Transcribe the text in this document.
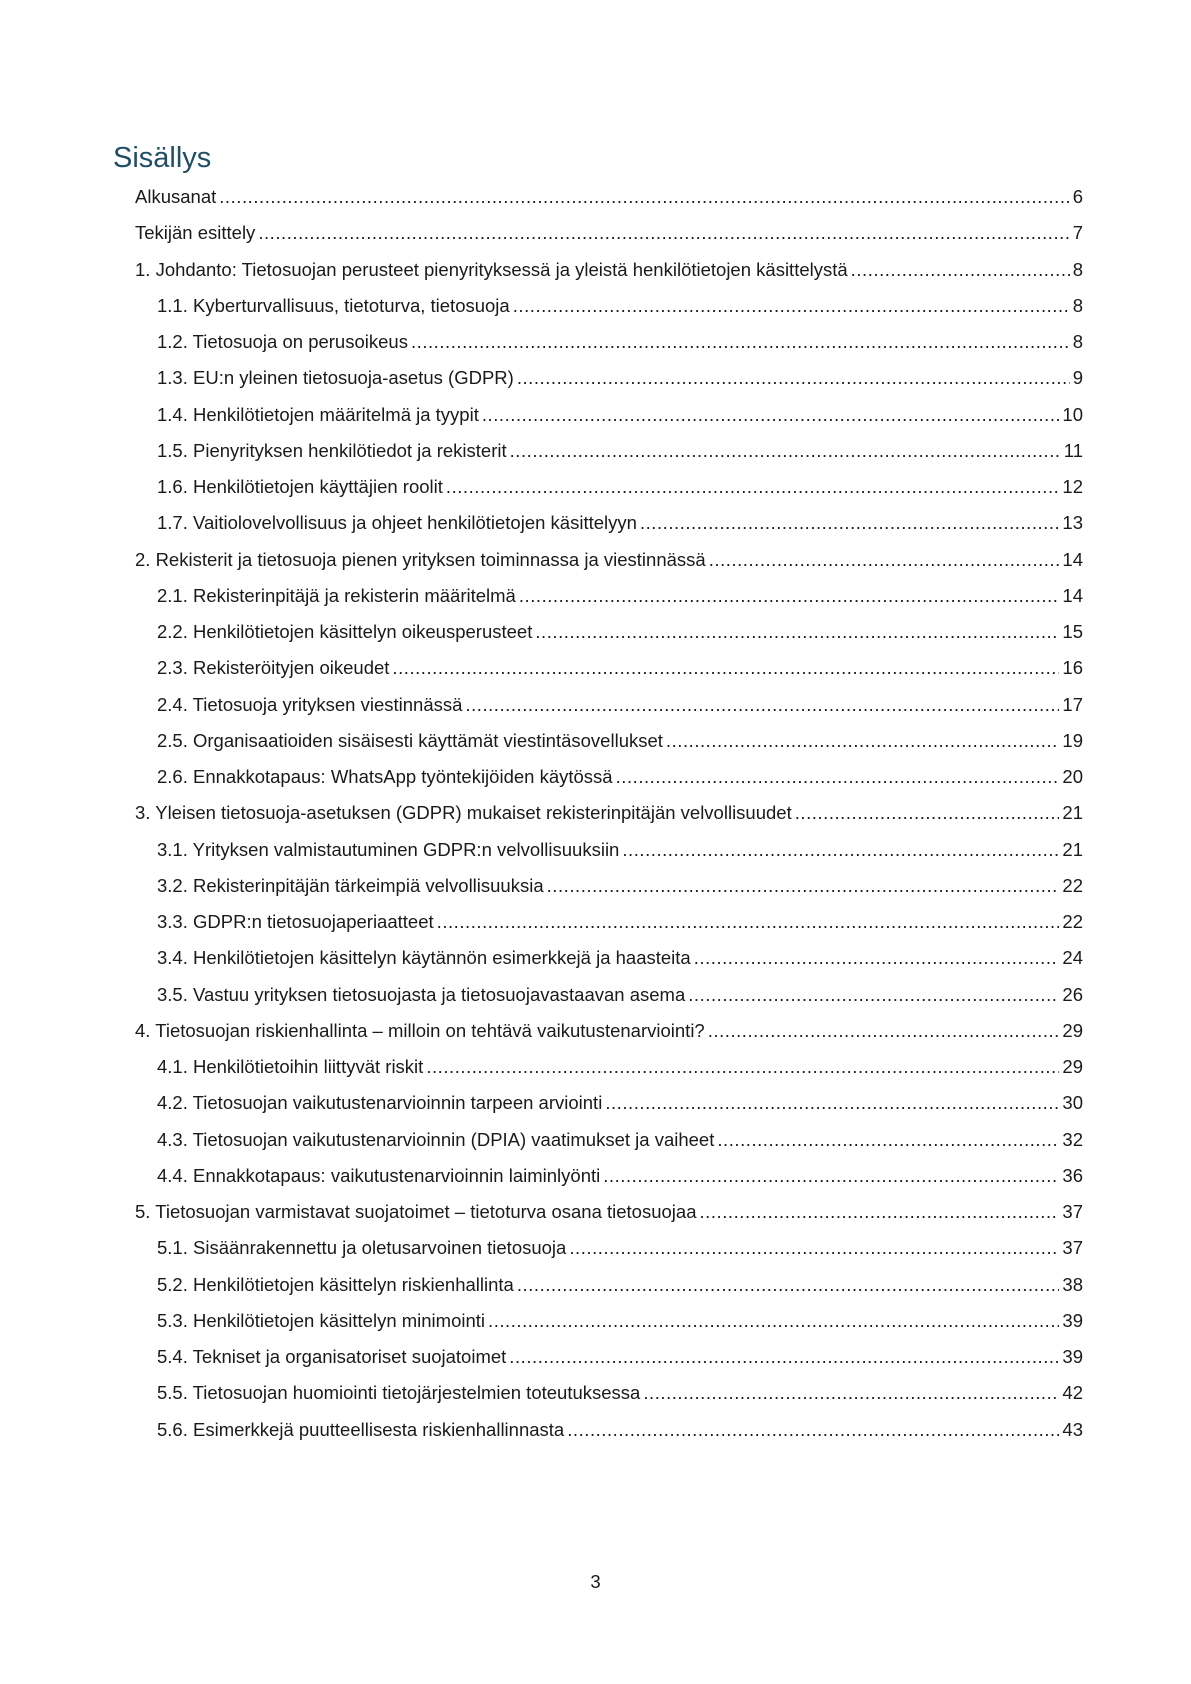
Sisällys
Alkusanat . . .	6
Tekijän esittely . . .	7
1. Johdanto: Tietosuojan perusteet pienyrityksessä ja yleistä henkilötietojen käsittelystä . . .	8
1.1. Kyberturvallisuus, tietoturva, tietosuoja . . .	8
1.2. Tietosuoja on perusoikeus . . .	8
1.3. EU:n yleinen tietosuoja-asetus (GDPR) . . .	9
1.4. Henkilötietojen määritelmä ja tyypit . . .	10
1.5. Pienyrityksen henkilötiedot ja rekisterit . . .	11
1.6. Henkilötietojen käyttäjien roolit . . .	12
1.7. Vaitiolovelvollisuus ja ohjeet henkilötietojen käsittelyyn . . .	13
2. Rekisterit ja tietosuoja pienen yrityksen toiminnassa ja viestinnässä . . .	14
2.1. Rekisterinpitäjä ja rekisterin määritelmä . . .	14
2.2. Henkilötietojen käsittelyn oikeusperusteet . . .	15
2.3. Rekisteröityjen oikeudet . . .	16
2.4. Tietosuoja yrityksen viestinnässä . . .	17
2.5. Organisaatioiden sisäisesti käyttämät viestintäsovellukset . . .	19
2.6. Ennakkotapaus: WhatsApp työntekijöiden käytössä . . .	20
3. Yleisen tietosuoja-asetuksen (GDPR) mukaiset rekisterinpitäjän velvollisuudet . . .	21
3.1. Yrityksen valmistautuminen GDPR:n velvollisuuksiin . . .	21
3.2. Rekisterinpitäjän tärkeimpiä velvollisuuksia . . .	22
3.3. GDPR:n tietosuojaperiaatteet . . .	22
3.4. Henkilötietojen käsittelyn käytännön esimerkkejä ja haasteita . . .	24
3.5. Vastuu yrityksen tietosuojasta ja tietosuojavastaavan asema . . .	26
4. Tietosuojan riskienhallinta – milloin on tehtävä vaikutustenarviointi? . . .	29
4.1. Henkilötietoihin liittyvät riskit . . .	29
4.2. Tietosuojan vaikutustenarvioinnin tarpeen arviointi . . .	30
4.3. Tietosuojan vaikutustenarvioinnin (DPIA) vaatimukset ja vaiheet . . .	32
4.4. Ennakkotapaus: vaikutustenarvioinnin laiminlyönti . . .	36
5. Tietosuojan varmistavat suojatoimet – tietoturva osana tietosuojaa . . .	37
5.1. Sisäänrakennettu ja oletusarvoinen tietosuoja . . .	37
5.2. Henkilötietojen käsittelyn riskienhallinta . . .	38
5.3. Henkilötietojen käsittelyn minimointi . . .	39
5.4. Tekniset ja organisatoriset suojatoimet . . .	39
5.5. Tietosuojan huomiointi tietojärjestelmien toteutuksessa . . .	42
5.6. Esimerkkejä puutteellisesta riskienhallinnasta . . .	43
3
